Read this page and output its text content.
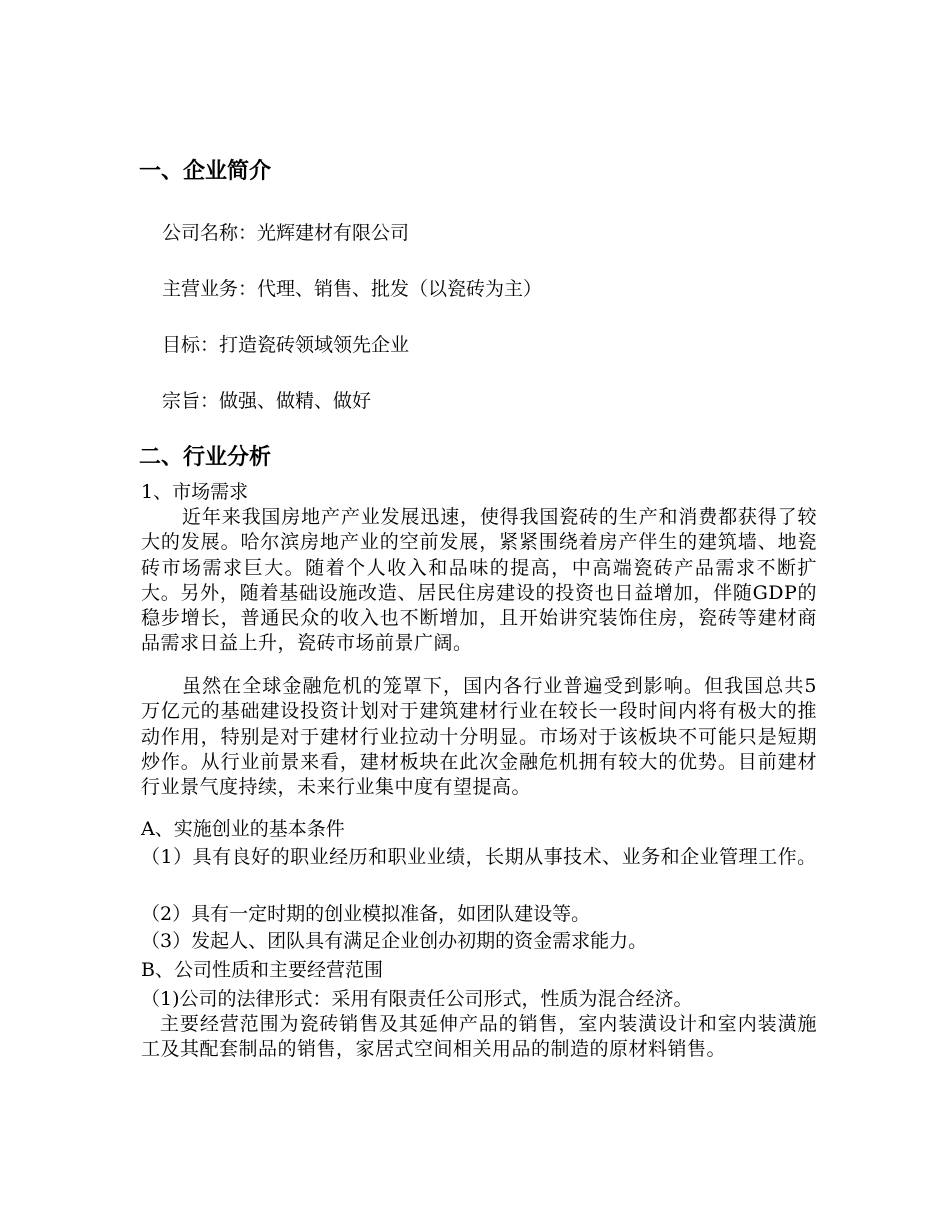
一、企业简介
公司名称：光辉建材有限公司
主营业务：代理、销售、批发（以瓷砖为主）
目标：打造瓷砖领域领先企业
宗旨：做强、做精、做好
二、行业分析
1、市场需求

近年来我国房地产产业发展迅速，使得我国瓷砖的生产和消费都获得了较大的发展。哈尔滨房地产业的空前发展，紧紧围绕着房产伴生的建筑墙、地瓷砖市场需求巨大。随着个人收入和品味的提高，中高端瓷砖产品需求不断扩大。另外，随着基础设施改造、居民住房建设的投资也日益增加，伴随GDP的稳步增长，普通民众的收入也不断增加，且开始讲究装饰住房，瓷砖等建材商品需求日益上升，瓷砖市场前景广阔。

虽然在全球金融危机的笼罩下，国内各行业普遍受到影响。但我国总共5万亿元的基础建设投资计划对于建筑建材行业在较长一段时间内将有极大的推动作用，特别是对于建材行业拉动十分明显。市场对于该板块不可能只是短期炒作。从行业前景来看，建材板块在此次金融危机拥有较大的优势。目前建材行业景气度持续，未来行业集中度有望提高。

A、实施创业的基本条件

（1）具有良好的职业经历和职业业绩，长期从事技术、业务和企业管理工作。

（2）具有一定时期的创业模拟准备，如团队建设等。
（3）发起人、团队具有满足企业创办初期的资金需求能力。
B、公司性质和主要经营范围
（1)公司的法律形式：采用有限责任公司形式，性质为混合经济。

主要经营范围为瓷砖销售及其延伸产品的销售，室内装潢设计和室内装潢施工及其配套制品的销售，家居式空间相关用品的制造的原材料销售。
